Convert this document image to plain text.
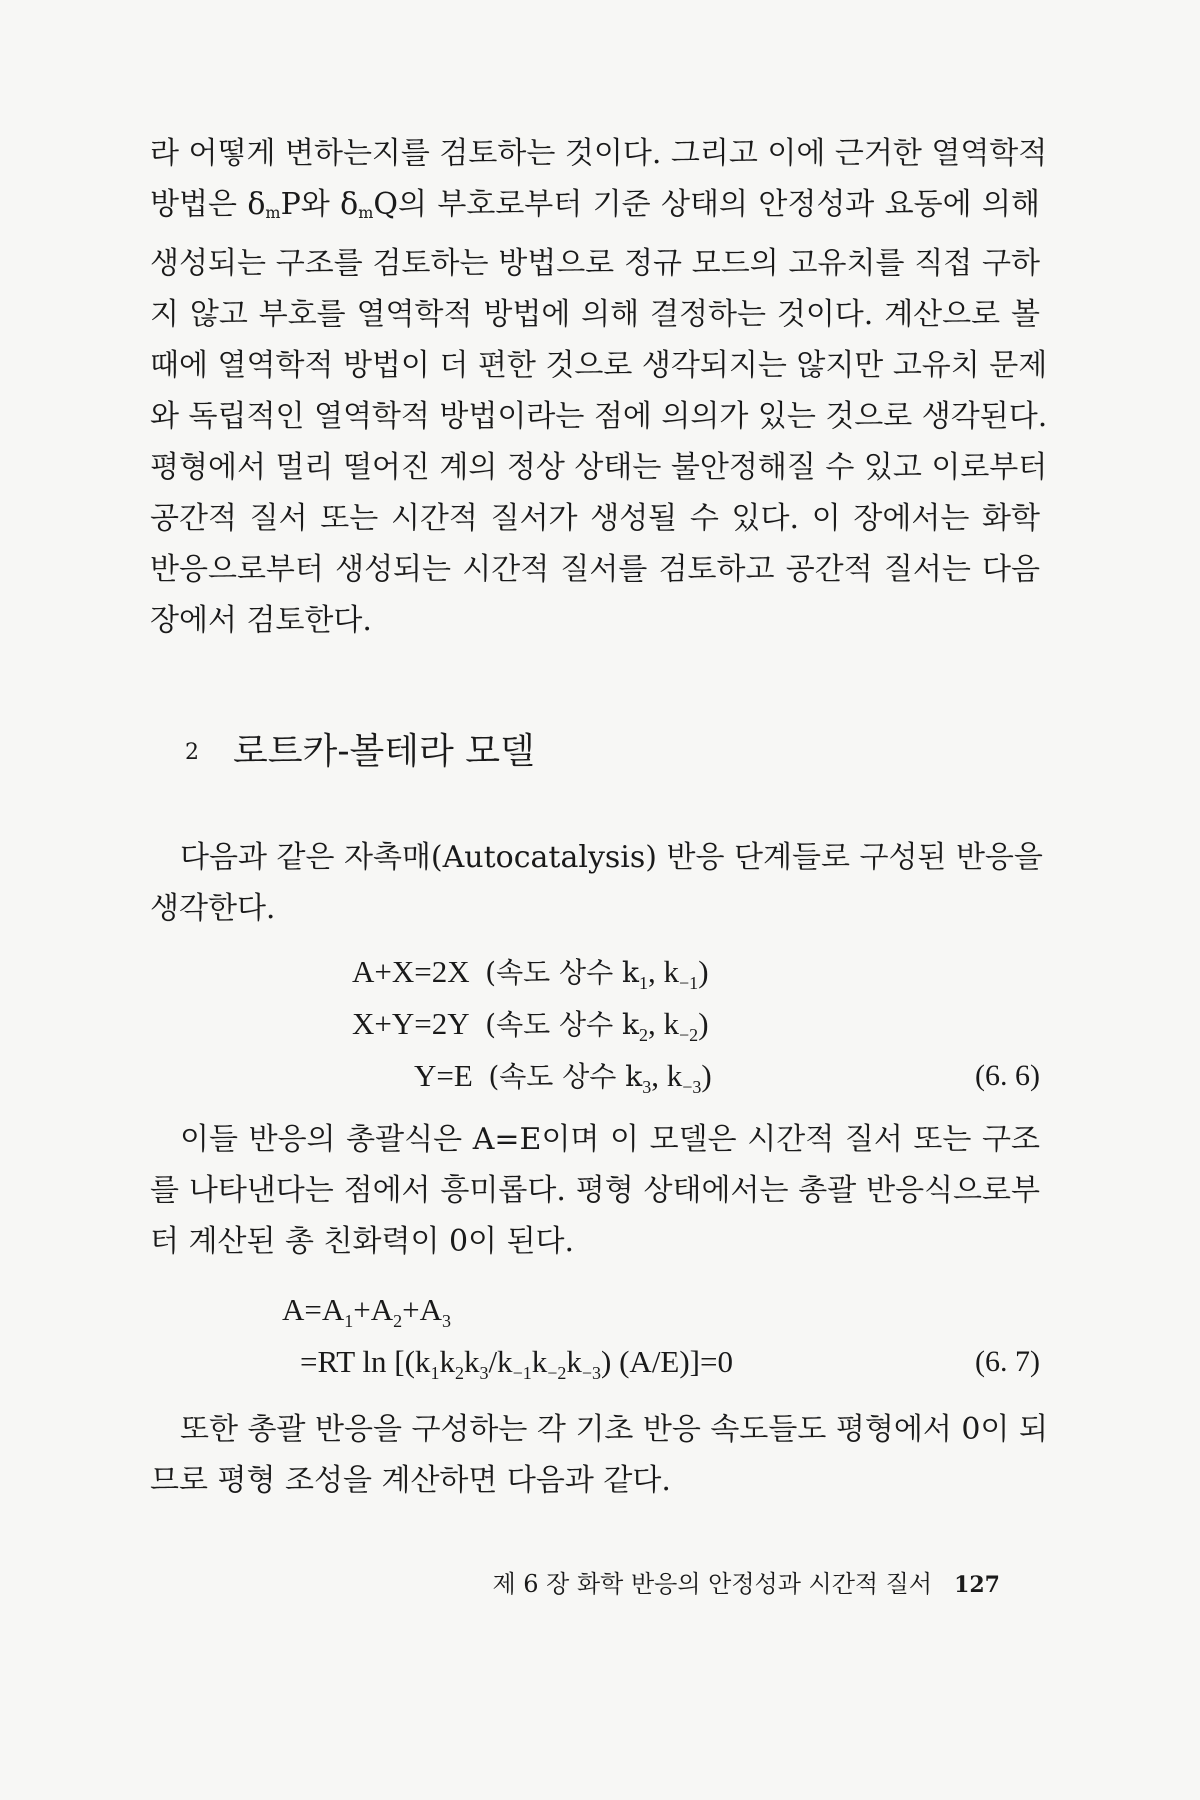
라 어떻게 변하는지를 검토하는 것이다. 그리고 이에 근거한 열역학적
방법은 δmP와 δmQ의 부호로부터 기준 상태의 안정성과 요동에 의해
생성되는 구조를 검토하는 방법으로 정규 모드의 고유치를 직접 구하
지 않고 부호를 열역학적 방법에 의해 결정하는 것이다. 계산으로 볼
때에 열역학적 방법이 더 편한 것으로 생각되지는 않지만 고유치 문제
와 독립적인 열역학적 방법이라는 점에 의의가 있는 것으로 생각된다.
평형에서 멀리 떨어진 계의 정상 상태는 불안정해질 수 있고 이로부터
공간적 질서 또는 시간적 질서가 생성될 수 있다. 이 장에서는 화학
반응으로부터 생성되는 시간적 질서를 검토하고 공간적 질서는 다음
장에서 검토한다.
2 로트카-볼테라 모델
다음과 같은 자촉매(Autocatalysis) 반응 단계들로 구성된 반응을
생각한다.
A+X=2X (속도 상수 $k_1$, $k_{-1}$)
X+Y=2Y (속도 상수 $k_2$, $k_{-2}$)
Y=E (속도 상수 $k_3$, $k_{-3}$)	(6. 6)
이들 반응의 총괄식은 A=E이며 이 모델은 시간적 질서 또는 구조
를 나타낸다는 점에서 흥미롭다. 평형 상태에서는 총괄 반응식으로부
터 계산된 총 친화력이 0이 된다.
$A=A_1+A_2+A_3$
=RT $\ln [(k_1k_2k_3/k_{-1}k_{-2}k_{-3})$ (A/E)]=0	(6. 7)
또한 총괄 반응을 구성하는 각 기초 반응 속도들도 평형에서 0이 되
므로 평형 조성을 계산하면 다음과 같다.
제 6 장 화학 반응의 안정성과 시간적 질서 127
